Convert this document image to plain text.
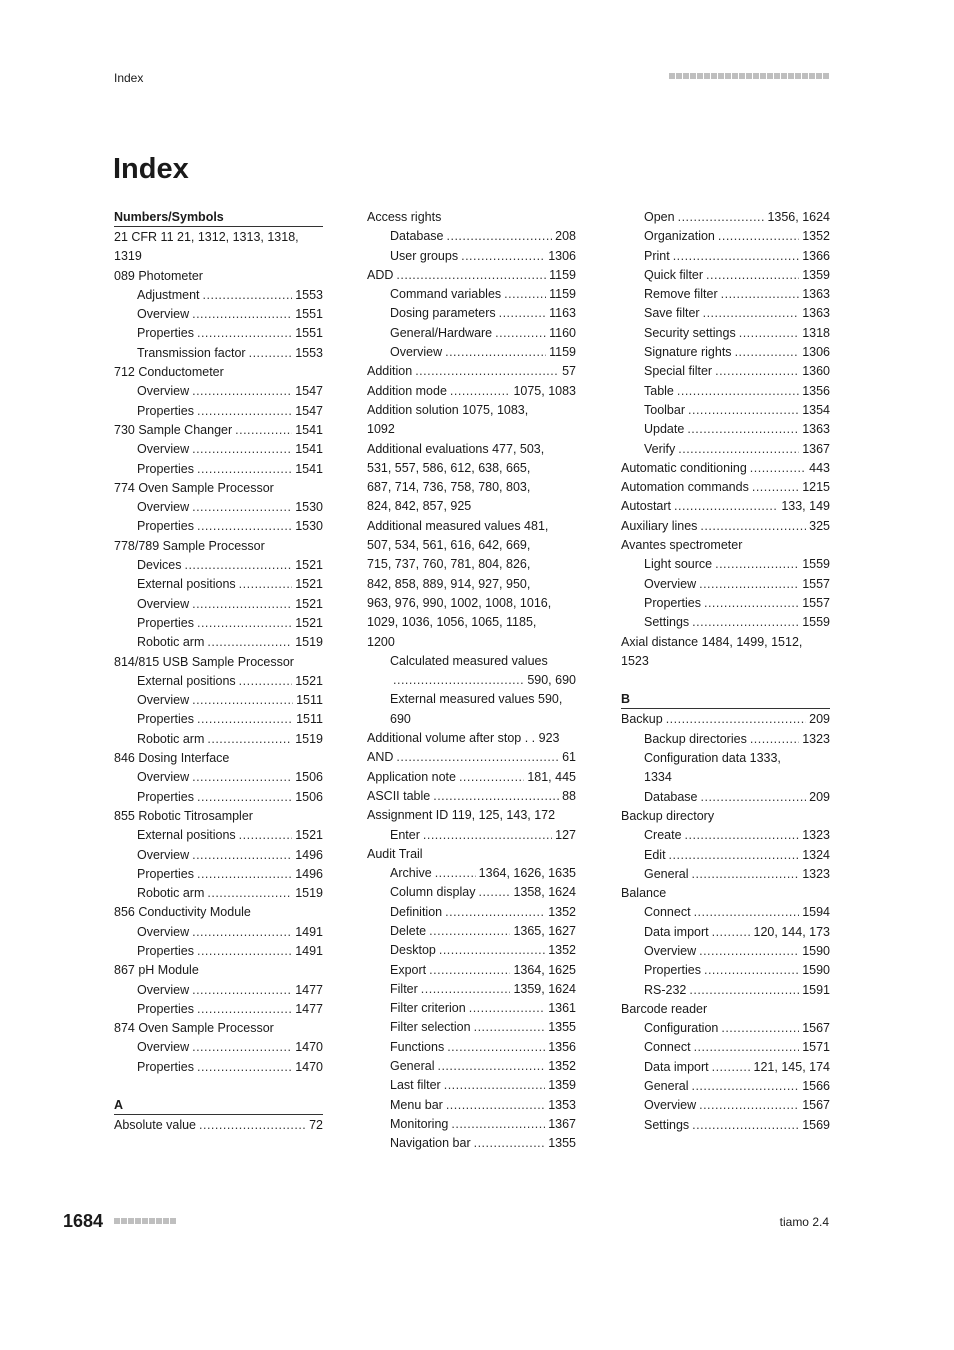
Index
Index
Numbers/Symbols
21 CFR 11 21, 1312, 1313, 1318,
1319
089 Photometer
Adjustment .....	1553
Overview .....	1551
Properties .....	1551
Transmission factor .....	1553
712 Conductometer
Overview .....	1547
Properties .....	1547
730 Sample Changer .....	1541
Overview .....	1541
Properties .....	1541
774 Oven Sample Processor
Overview .....	1530
Properties .....	1530
778/789 Sample Processor
Devices .....	1521
External positions .....	1521
Overview .....	1521
Properties .....	1521
Robotic arm .....	1519
814/815 USB Sample Processor
External positions .....	1521
Overview .....	1511
Properties .....	1511
Robotic arm .....	1519
846 Dosing Interface
Overview .....	1506
Properties .....	1506
855 Robotic Titrosampler
External positions .....	1521
Overview .....	1496
Properties .....	1496
Robotic arm .....	1519
856 Conductivity Module
Overview .....	1491
Properties .....	1491
867 pH Module
Overview .....	1477
Properties .....	1477
874 Oven Sample Processor
Overview .....	1470
Properties .....	1470
A
Absolute value .....	72
Access rights
Database .....	208
User groups .....	1306
ADD .....	1159
Command variables .....	1159
Dosing parameters .....	1163
General/Hardware .....	1160
Overview .....	1159
Addition .....	57
Addition mode .....	1075, 1083
Addition solution 1075, 1083,
1092
Additional evaluations 477, 503,
531, 557, 586, 612, 638, 665,
687, 714, 736, 758, 780, 803,
824, 842, 857, 925
Additional measured values 481,
507, 534, 561, 616, 642, 669,
715, 737, 760, 781, 804, 826,
842, 858, 889, 914, 927, 950,
963, 976, 990, 1002, 1008, 1016,
1029, 1036, 1056, 1065, 1185,
1200
Calculated measured values
.....
590, 690
External measured values 590,
690
Additional volume after stop . . 923
AND .....	61
Application note .....	181, 445
ASCII table .....	88
Assignment ID 119, 125, 143, 172
Enter .....	127
Audit Trail
Archive .....	1364, 1626, 1635
Column display .....	1358, 1624
Definition .....	1352
Delete .....	1365, 1627
Desktop .....	1352
Export .....	1364, 1625
Filter .....	1359, 1624
Filter criterion .....	1361
Filter selection .....	1355
Functions .....	1356
General .....	1352
Last filter .....	1359
Menu bar .....	1353
Monitoring .....	1367
Navigation bar .....	1355
Open .....	1356, 1624
Organization .....	1352
Print .....	1366
Quick filter .....	1359
Remove filter .....	1363
Save filter .....	1363
Security settings .....	1318
Signature rights .....	1306
Special filter .....	1360
Table .....	1356
Toolbar .....	1354
Update .....	1363
Verify .....	1367
Automatic conditioning .....	443
Automation commands .....	1215
Autostart .....	133, 149
Auxiliary lines .....	325
Avantes spectrometer
Light source .....	1559
Overview .....	1557
Properties .....	1557
Settings .....	1559
Axial distance 1484, 1499, 1512,
1523
B
Backup .....	209
Backup directories .....	1323
Configuration data 1333,
1334
Database .....	209
Backup directory
Create .....	1323
Edit .....	1324
General .....	1323
Balance
Connect .....	1594
Data import .....	120, 144, 173
Overview .....	1590
Properties .....	1590
RS-232 .....	1591
Barcode reader
Configuration .....	1567
Connect .....	1571
Data import .....	121, 145, 174
General .....	1566
Overview .....	1567
Settings .....	1569
1684	tiamo 2.4
